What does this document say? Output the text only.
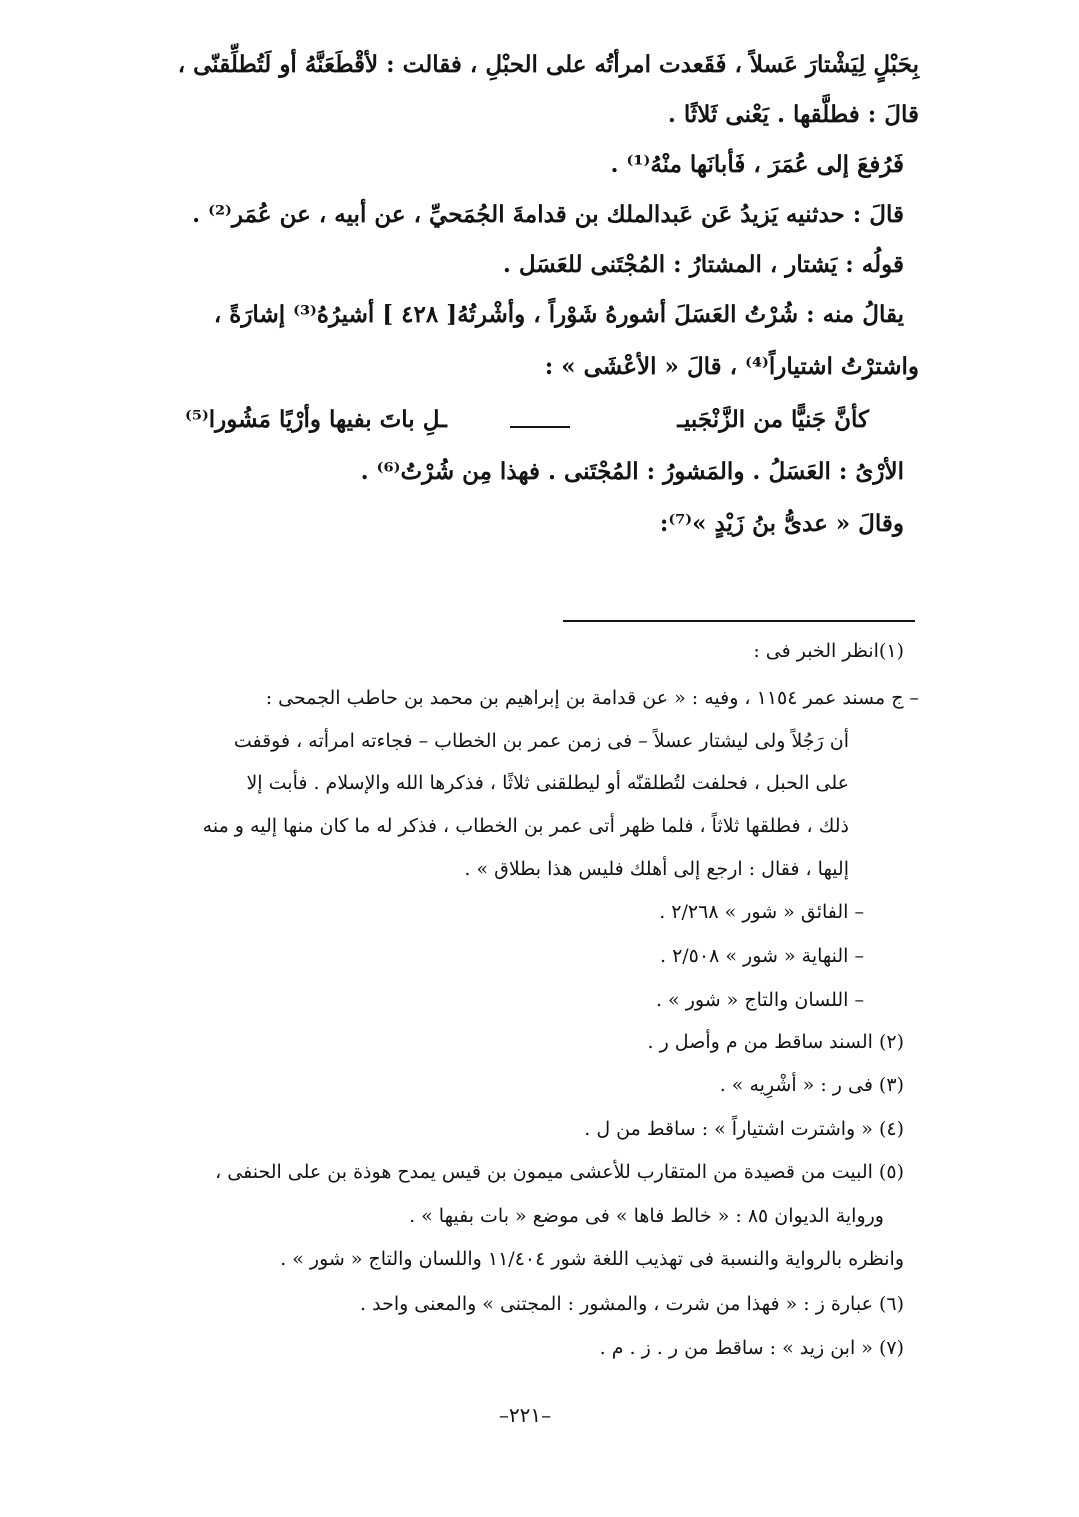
بِحَبْلٍ لِيَشْتارَ عَسلاً ، فَقَعدت امرأتُه على الحبْلِ ، فقالت : لأقْطَعَنَّهُ أو لَتُطلِّقنّى ،
قالَ : فطلَّقها . يَعْنى ثَلاثًا .
فَرُفعَ إلى عُمَرَ ، فَأبانَها منْهُ⁽¹⁾ .
قالَ : حدثنيه يَزيدُ عَن عَبدالملك بن قدامةَ الجُمَحيِّ ، عن أبيه ، عن عُمَر⁽²⁾ .
قولُه : يَشتار ، المشتارُ : المُجْتَنى للعَسَل .
يقالُ منه : شُرْتُ العَسَلَ أشورهُ شَوْراً ، وأشْرتُهُ[ ٤٢٨ ] أشيرُهُ⁽³⁾ إشارَةً ،
واشترْتُ اشتياراً⁽⁴⁾ ، قالَ « الأعْشَى » :
كأنَّ جَنيًّا من الزَّنْجَبيـ
ـلِ باتَ بفيها وأرْيًا مَشُورا⁽⁵⁾
الأرْىُ : العَسَلُ . والمَشورُ : المُجْتَنى . فهذا مِن شُرْتُ⁽⁶⁾ .
وقالَ « عدىُّ بنُ زَيْدٍ »⁽⁷⁾:
(١)انظر الخبر فى :
– ج مسند عمر ١١٥٤ ، وفيه : « عن قدامة بن إبراهيم بن محمد بن حاطب الجمحى :
أن رَجُلاً ولى ليشتار عسلاً – فى زمن عمر بن الخطاب – فجاءته امرأته ، فوقفت
على الحبل ، فحلفت لتُطلقنّه أو ليطلقنى ثلاثًا ، فذكرها الله والإسلام . فأبت إلا
ذلك ، فطلقها ثلاثاً ، فلما ظهر أتى عمر بن الخطاب ، فذكر له ما كان منها إليه و منه
إليها ، فقال : ارجع إلى أهلك فليس هذا بطلاق » .
– الفائق « شور » ٢/٢٦٨ .
– النهاية « شور » ٢/٥٠٨ .
– اللسان والتاج « شور » .
(٢) السند ساقط من م وأصل ر .
(٣) فى ر : « أشْرِيه » .
(٤) « واشترت اشتياراً » : ساقط من ل .
(٥) البيت من قصيدة من المتقارب للأعشى ميمون بن قيس يمدح هوذة بن على الحنفى ،
ورواية الديوان ٨٥ : « خالط فاها » فى موضع « بات بفيها » .
وانظره بالرواية والنسبة فى تهذيب اللغة شور ١١/٤٠٤ واللسان والتاج « شور » .
(٦) عبارة ز : « فهذا من شرت ، والمشور : المجتنى » والمعنى واحد .
(٧) « ابن زيد » : ساقط من ر . ز . م .
–٢٢١–
